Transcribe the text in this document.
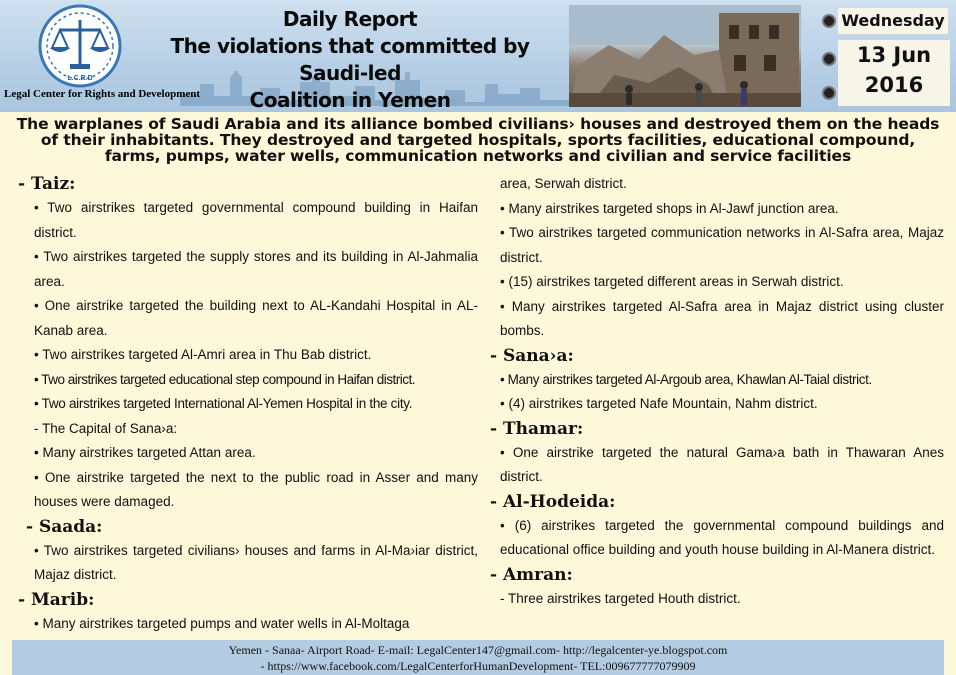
L.C.R.D
Legal Center for Rights and Development
Daily Report
The violations that committed by Saudi-led
Coalition in Yemen
Wednesday
13 Jun
2016
The warplanes of Saudi Arabia and its alliance bombed civilians› houses and destroyed them on the heads of their inhabitants. They destroyed and targeted hospitals, sports facilities, educational compound, farms, pumps, water wells, communication networks and civilian and service facilities
- Taiz:
• Two airstrikes targeted governmental compound building in Haifan district.
• Two airstrikes targeted the supply stores and its building in Al-Jahmalia area.
• One airstrike targeted the building next to AL-Kandahi Hospital in AL-Kanab area.
• Two airstrikes targeted Al-Amri area in Thu Bab district.
• Two airstrikes targeted educational step compound in Haifan district.
• Two airstrikes targeted International Al-Yemen Hospital in the city.
- The Capital of Sana›a:
• Many airstrikes targeted Attan area.
• One airstrike targeted the next to the public road in Asser and many houses were damaged.
- Saada:
• Two airstrikes targeted civilians› houses and farms in Al-Ma›iar district, Majaz district.
- Marib:
• Many airstrikes targeted pumps and water wells in Al-Moltaga
area, Serwah district.
• Many airstrikes targeted shops in Al-Jawf junction area.
• Two airstrikes targeted communication networks in Al-Safra area, Majaz district.
• (15) airstrikes targeted different areas in Serwah district.
• Many airstrikes targeted Al-Safra area in Majaz district using cluster bombs.
- Sana›a:
• Many airstrikes targeted Al-Argoub area, Khawlan Al-Taial district.
• (4) airstrikes targeted Nafe Mountain, Nahm district.
- Thamar:
• One airstrike targeted the natural Gama›a bath in Thawaran Anes district.
- Al-Hodeida:
• (6) airstrikes targeted the governmental compound buildings and educational office building and youth house building in Al-Manera district.
- Amran:
- Three airstrikes targeted Houth district.
Yemen - Sanaa- Airport Road- E-mail: LegalCenter147@gmail.com- http://legalcenter-ye.blogspot.com
- https://www.facebook.com/LegalCenterforHumanDevelopment- TEL:009677777079909
